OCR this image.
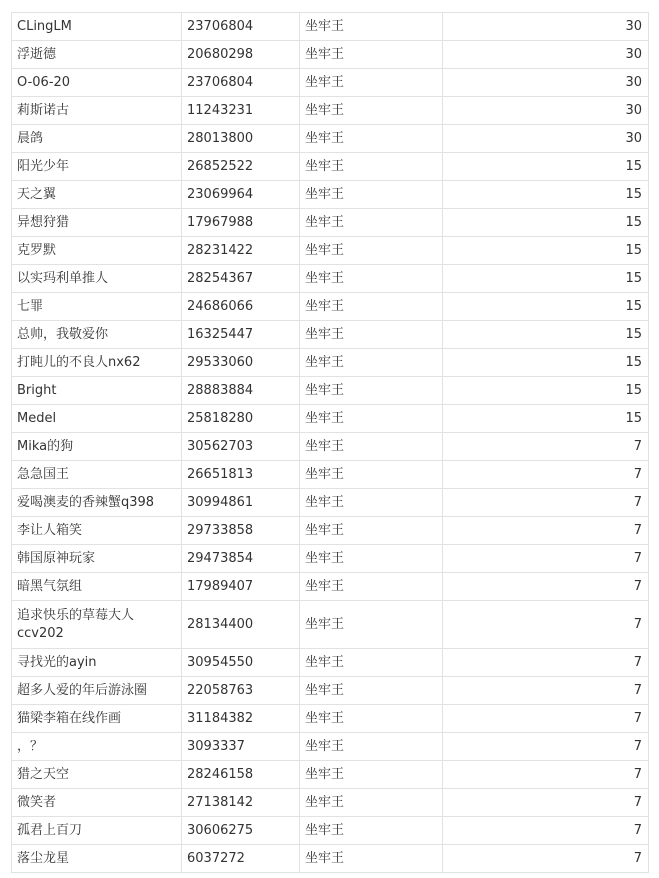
CLingLM	23706804	坐牢王	30
浮逝德	20680298	坐牢王	30
O-06-20	23706804	坐牢王	30
莉斯诺古	11243231	坐牢王	30
晨鸽	28013800	坐牢王	30
阳光少年	26852522	坐牢王	15
天之翼	23069964	坐牢王	15
异想狩猎	17967988	坐牢王	15
克罗默	28231422	坐牢王	15
以实玛利单推人	28254367	坐牢王	15
七罪	24686066	坐牢王	15
总帅，我敬爱你	16325447	坐牢王	15
打盹儿的不良人nx62	29533060	坐牢王	15
Bright	28883884	坐牢王	15
Medel	25818280	坐牢王	15
Mika的狗	30562703	坐牢王	7
急急国王	26651813	坐牢王	7
爱喝澳麦的香辣蟹q398	30994861	坐牢王	7
李让人箱笑	29733858	坐牢王	7
韩国原神玩家	29473854	坐牢王	7
暗黑气氛组	17989407	坐牢王	7
追求快乐的草莓大人ccv202	28134400	坐牢王	7
寻找光的ayin	30954550	坐牢王	7
超多人爱的年后游泳圈	22058763	坐牢王	7
猫梁李箱在线作画	31184382	坐牢王	7
，？	3093337	坐牢王	7
猎之天空	28246158	坐牢王	7
微笑者	27138142	坐牢王	7
孤君上百刀	30606275	坐牢王	7
落尘龙星	6037272	坐牢王	7
